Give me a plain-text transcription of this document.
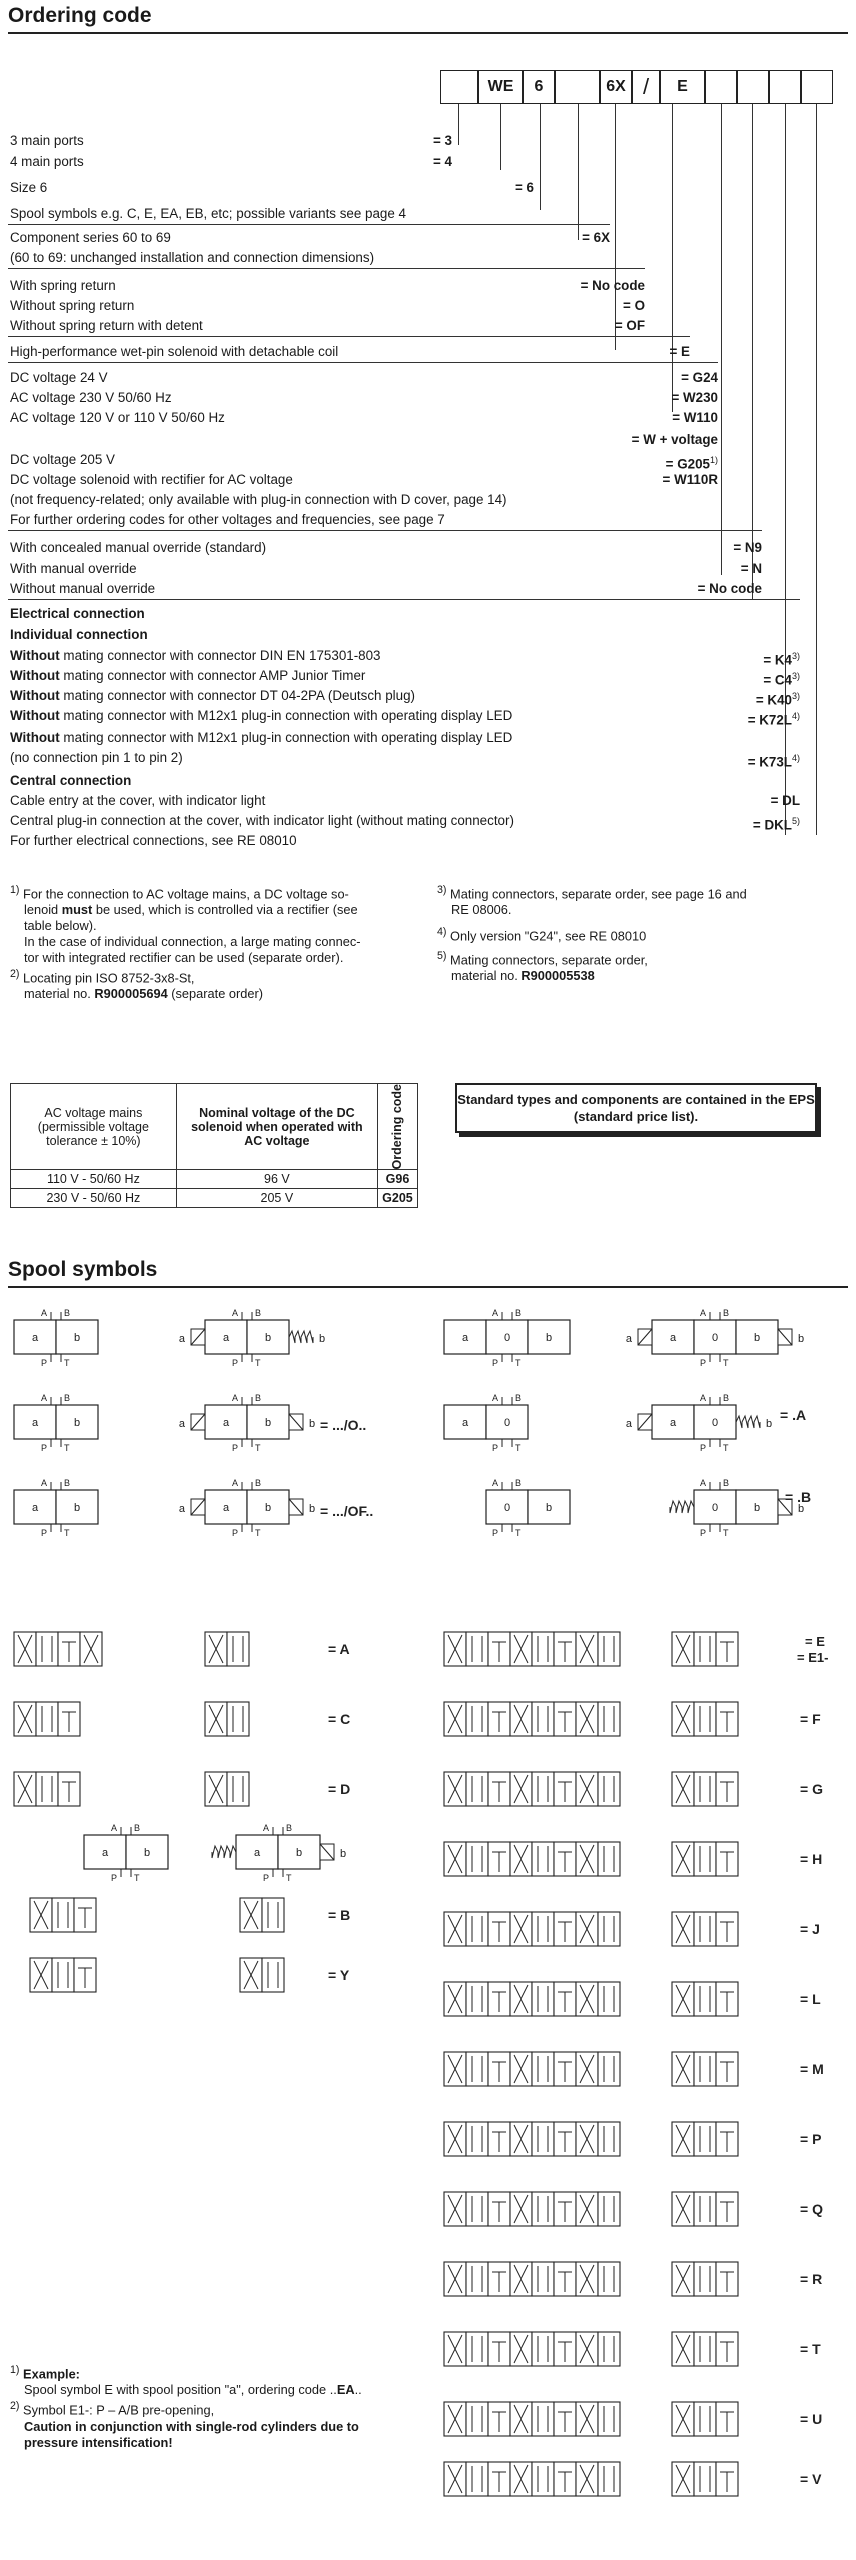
Ordering code
WE	6	6X /	E
3 main ports	= 3
4 main ports	= 4
Size 6	= 6
Spool symbols e.g. C, E, EA, EB, etc; possible variants see page 4
Component series 60 to 69	= 6X
(60 to 69: unchanged installation and connection dimensions)
With spring return	= No code
Without spring return	= O
Without spring return with detent	= OF
High-performance wet-pin solenoid with detachable coil	= E
DC voltage 24 V	= G24
AC voltage 230 V 50/60 Hz	= W230
AC voltage 120 V or 110 V 50/60 Hz	= W110
= W + voltage
DC voltage 205 V	= $G205^{1)}$
DC voltage solenoid with rectifier for AC voltage	= W110R
(not frequency-related; only available with plug-in connection with D cover, page 14)
For further ordering codes for other voltages and frequencies, see page 7
With concealed manual override (standard)	= N9
With manual override	= N
Without manual override	= No code
Electrical connection
Individual connection
Without mating connector with connector DIN EN 175301-803	= $K4^{3)}$
Without mating connector with connector AMP Junior Timer	= $C4^{3)}$
Without mating connector with connector DT 04-2PA (Deutsch plug)	= $K40^{3)}$
Without mating connector with M12x1 plug-in connection with operating display LED	= $K72L^{4)}$
Without mating connector with M12x1 plug-in connection with operating display LED
(no connection pin 1 to pin 2)	= $K73L^{4)}$
Central connection
Cable entry at the cover, with indicator light	= DL
Central plug-in connection at the cover, with indicator light (without mating connector)	= $DKL^{5)}$
For further electrical connections, see RE 08010
$^{1)}$ For the connection to AC voltage mains, a DC voltage so-
lenoid must be used, which is controlled via a rectifier (see
table below).
In the case of individual connection, a large mating connec-
tor with integrated rectifier can be used (separate order).
$^{2)}$ Locating pin ISO 8752-3x8-St,
material no. R900005694 (separate order)
$^{3)}$ Mating connectors, separate order, see page 16 and
RE 08006.
$^{4)}$ Only version "G24", see RE 08010
$^{5)}$ Mating connectors, separate order,
material no. R900005538
AC voltage mains (permissible voltage tolerance ± 10%)	Nominal voltage of the DC solenoid when operated with AC voltage	Ordering code

110 V - 50/60 Hz	96 V	G96
230 V - 50/60 Hz	205 V	G205
Standard types and components are contained in the EPS (standard price list).
Spool symbols
a	b
A B
P T
a	b
A B
P T
a	b	a	0	b
A B
P T
a	0	b
A B
P T
a	b
a	b
A B
P T
a	b
A B
P T
a	b = .../O..	a	0
A B
P T
a	0
A B
P T
a	b
= .A
a	b
A B
P T
a	b
A B
P T
a	b = .../OF..	0	b
A B
P T
0	b
A B
P T
b
= .B
= A
= C
= D
a	b
A B
P T
a	b
A B
P T
b
= B
= Y
= E
= E1-
= F
= G
= H
= J
= L
= M
= P
= Q
= R
= T
= U
= V
$^{1)}$ Example:
Spool symbol E with spool position "a", ordering code ..EA..
$^{2)}$ Symbol E1-: P – A/B pre-opening,
Caution in conjunction with single-rod cylinders due to
pressure intensification!
